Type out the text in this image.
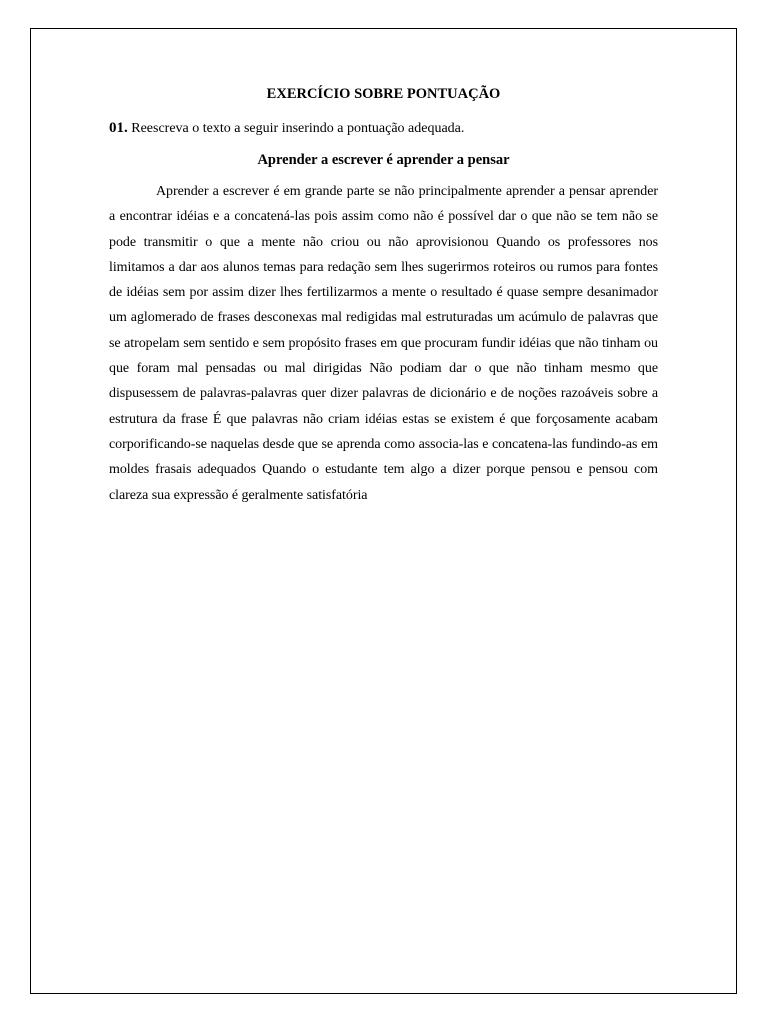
EXERCÍCIO SOBRE PONTUAÇÃO

01. Reescreva o texto a seguir inserindo a pontuação adequada.

Aprender a escrever é aprender a pensar

Aprender a escrever é em grande parte se não principalmente aprender a pensar aprender a encontrar idéias e a concatená-las pois assim como não é possível dar o que não se tem não se pode transmitir o que a mente não criou ou não aprovisionou Quando os professores nos limitamos a dar aos alunos temas para redação sem lhes sugerirmos roteiros ou rumos para fontes de idéias sem por assim dizer lhes fertilizarmos a mente o resultado é quase sempre desanimador um aglomerado de frases desconexas mal redigidas mal estruturadas um acúmulo de palavras que se atropelam sem sentido e sem propósito frases em que procuram fundir idéias que não tinham ou que foram mal pensadas ou mal dirigidas Não podiam dar o que não tinham mesmo que dispusessem de palavras-palavras quer dizer palavras de dicionário e de noções razoáveis sobre a estrutura da frase É que palavras não criam idéias estas se existem é que forçosamente acabam corporificando-se naquelas desde que se aprenda como associa-las e concatena-las fundindo-as em moldes frasais adequados Quando o estudante tem algo a dizer porque pensou e pensou com clareza sua expressão é geralmente satisfatória
